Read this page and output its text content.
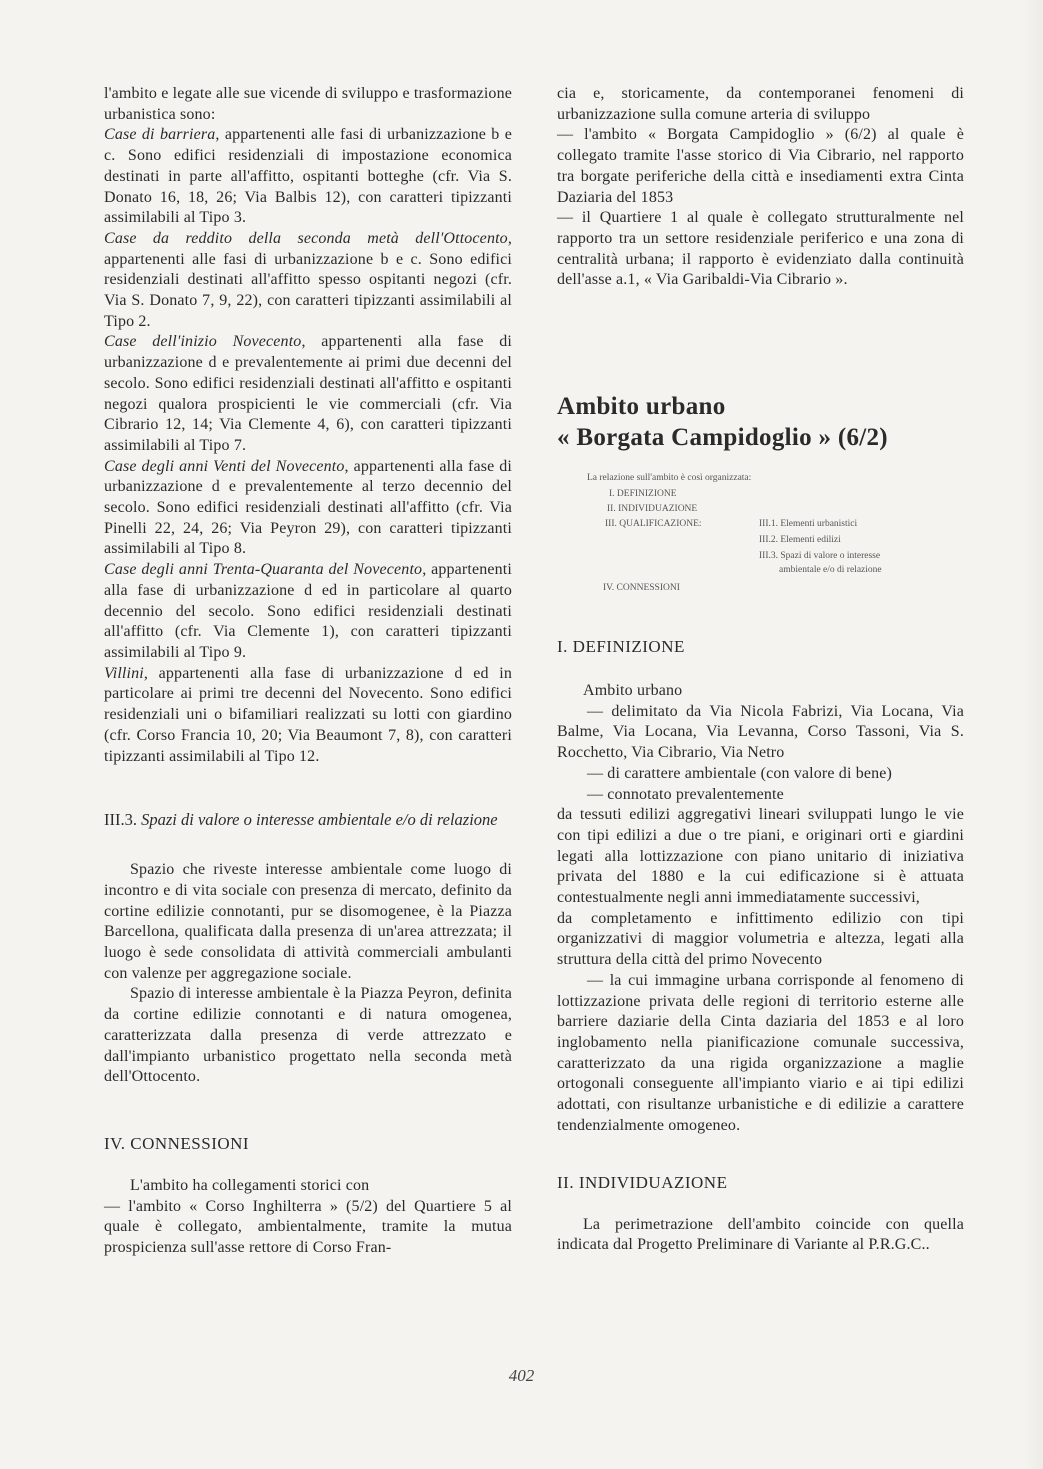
l'ambito e legate alle sue vicende di sviluppo e trasformazione urbanistica sono:

Case di barriera, appartenenti alle fasi di urbanizzazione b e c. Sono edifici residenziali di impostazione economica destinati in parte all'affitto, ospitanti botteghe (cfr. Via S. Donato 16, 18, 26; Via Balbis 12), con caratteri tipizzanti assimilabili al Tipo 3.

Case da reddito della seconda metà dell'Ottocento, appartenenti alle fasi di urbanizzazione b e c. Sono edifici residenziali destinati all'affitto spesso ospitanti negozi (cfr. Via S. Donato 7, 9, 22), con caratteri tipizzanti assimilabili al Tipo 2.

Case dell'inizio Novecento, appartenenti alla fase di urbanizzazione d e prevalentemente ai primi due decenni del secolo. Sono edifici residenziali destinati all'affitto e ospitanti negozi qualora prospicienti le vie commerciali (cfr. Via Cibrario 12, 14; Via Clemente 4, 6), con caratteri tipizzanti assimilabili al Tipo 7.

Case degli anni Venti del Novecento, appartenenti alla fase di urbanizzazione d e prevalentemente al terzo decennio del secolo. Sono edifici residenziali destinati all'affitto (cfr. Via Pinelli 22, 24, 26; Via Peyron 29), con caratteri tipizzanti assimilabili al Tipo 8.

Case degli anni Trenta-Quaranta del Novecento, appartenenti alla fase di urbanizzazione d ed in particolare al quarto decennio del secolo. Sono edifici residenziali destinati all'affitto (cfr. Via Clemente 1), con caratteri tipizzanti assimilabili al Tipo 9.

Villini, appartenenti alla fase di urbanizzazione d ed in particolare ai primi tre decenni del Novecento. Sono edifici residenziali uni o bifamiliari realizzati su lotti con giardino (cfr. Corso Francia 10, 20; Via Beaumont 7, 8), con caratteri tipizzanti assimilabili al Tipo 12.

III.3. Spazi di valore o interesse ambientale e/o di relazione

Spazio che riveste interesse ambientale come luogo di incontro e di vita sociale con presenza di mercato, definito da cortine edilizie connotanti, pur se disomogenee, è la Piazza Barcellona, qualificata dalla presenza di un'area attrezzata; il luogo è sede consolidata di attività commerciali ambulanti con valenze per aggregazione sociale.

Spazio di interesse ambientale è la Piazza Peyron, definita da cortine edilizie connotanti e di natura omogenea, caratterizzata dalla presenza di verde attrezzato e dall'impianto urbanistico progettato nella seconda metà dell'Ottocento.

IV. CONNESSIONI

L'ambito ha collegamenti storici con

— l'ambito « Corso Inghilterra » (5/2) del Quartiere 5 al quale è collegato, ambientalmente, tramite la mutua prospicienza sull'asse rettore di Corso Fran-

cia e, storicamente, da contemporanei fenomeni di urbanizzazione sulla comune arteria di sviluppo

— l'ambito « Borgata Campidoglio » (6/2) al quale è collegato tramite l'asse storico di Via Cibrario, nel rapporto tra borgate periferiche della città e insediamenti extra Cinta Daziaria del 1853

— il Quartiere 1 al quale è collegato strutturalmente nel rapporto tra un settore residenziale periferico e una zona di centralità urbana; il rapporto è evidenziato dalla continuità dell'asse a.1, « Via Garibaldi-Via Cibrario ».

Ambito urbano
« Borgata Campidoglio » (6/2)
La relazione sull'ambito è così organizzata:
I. DEFINIZIONE
II. INDIVIDUAZIONE
III. QUALIFICAZIONE:	III.1. Elementi urbanistici
III.2. Elementi edilizi
III.3. Spazi di valore o interesse
ambientale e/o di relazione
IV. CONNESSIONI
I. DEFINIZIONE

Ambito urbano

— delimitato da Via Nicola Fabrizi, Via Locana, Via Balme, Via Locana, Via Levanna, Corso Tassoni, Via S. Rocchetto, Via Cibrario, Via Netro

— di carattere ambientale (con valore di bene)

— connotato prevalentemente

da tessuti edilizi aggregativi lineari sviluppati lungo le vie con tipi edilizi a due o tre piani, e originari orti e giardini legati alla lottizzazione con piano unitario di iniziativa privata del 1880 e la cui edificazione si è attuata contestualmente negli anni immediatamente successivi,

da completamento e infittimento edilizio con tipi organizzativi di maggior volumetria e altezza, legati alla struttura della città del primo Novecento

— la cui immagine urbana corrisponde al fenomeno di lottizzazione privata delle regioni di territorio esterne alle barriere daziarie della Cinta daziaria del 1853 e al loro inglobamento nella pianificazione comunale successiva, caratterizzato da una rigida organizzazione a maglie ortogonali conseguente all'impianto viario e ai tipi edilizi adottati, con risultanze urbanistiche e di edilizie a carattere tendenzialmente omogeneo.

II. INDIVIDUAZIONE

La perimetrazione dell'ambito coincide con quella indicata dal Progetto Preliminare di Variante al P.R.G.C..

402
